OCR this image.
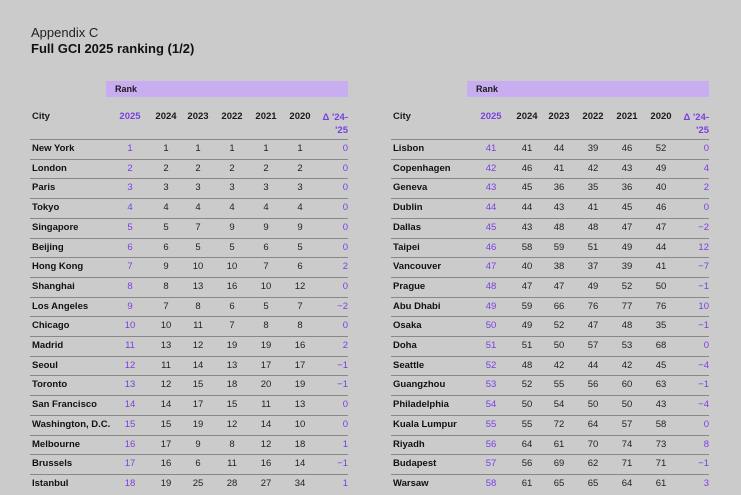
Appendix C
Full GCI 2025 ranking (1/2)
Rank
City	2025	2024	2023	2022	2021	2020	Δ '24-'25
New York	1	1	1	1	1	1	0
London	2	2	2	2	2	2	0
Paris	3	3	3	3	3	3	0
Tokyo	4	4	4	4	4	4	0
Singapore	5	5	7	9	9	9	0
Beijing	6	6	5	5	6	5	0
Hong Kong	7	9	10	10	7	6	2
Shanghai	8	8	13	16	10	12	0
Los Angeles	9	7	8	6	5	7	−2
Chicago	10	10	11	7	8	8	0
Madrid	11	13	12	19	19	16	2
Seoul	12	11	14	13	17	17	−1
Toronto	13	12	15	18	20	19	−1
San Francisco	14	14	17	15	11	13	0
Washington, D.C.	15	15	19	12	14	10	0
Melbourne	16	17	9	8	12	18	1
Brussels	17	16	6	11	16	14	−1
Istanbul	18	19	25	28	27	34	1
Rank
City	2025	2024	2023	2022	2021	2020	Δ '24-'25
Lisbon	41	41	44	39	46	52	0
Copenhagen	42	46	41	42	43	49	4
Geneva	43	45	36	35	36	40	2
Dublin	44	44	43	41	45	46	0
Dallas	45	43	48	48	47	47	−2
Taipei	46	58	59	51	49	44	12
Vancouver	47	40	38	37	39	41	−7
Prague	48	47	47	49	52	50	−1
Abu Dhabi	49	59	66	76	77	76	10
Osaka	50	49	52	47	48	35	−1
Doha	51	51	50	57	53	68	0
Seattle	52	48	42	44	42	45	−4
Guangzhou	53	52	55	56	60	63	−1
Philadelphia	54	50	54	50	50	43	−4
Kuala Lumpur	55	55	72	64	57	58	0
Riyadh	56	64	61	70	74	73	8
Budapest	57	56	69	62	71	71	−1
Warsaw	58	61	65	65	64	61	3
